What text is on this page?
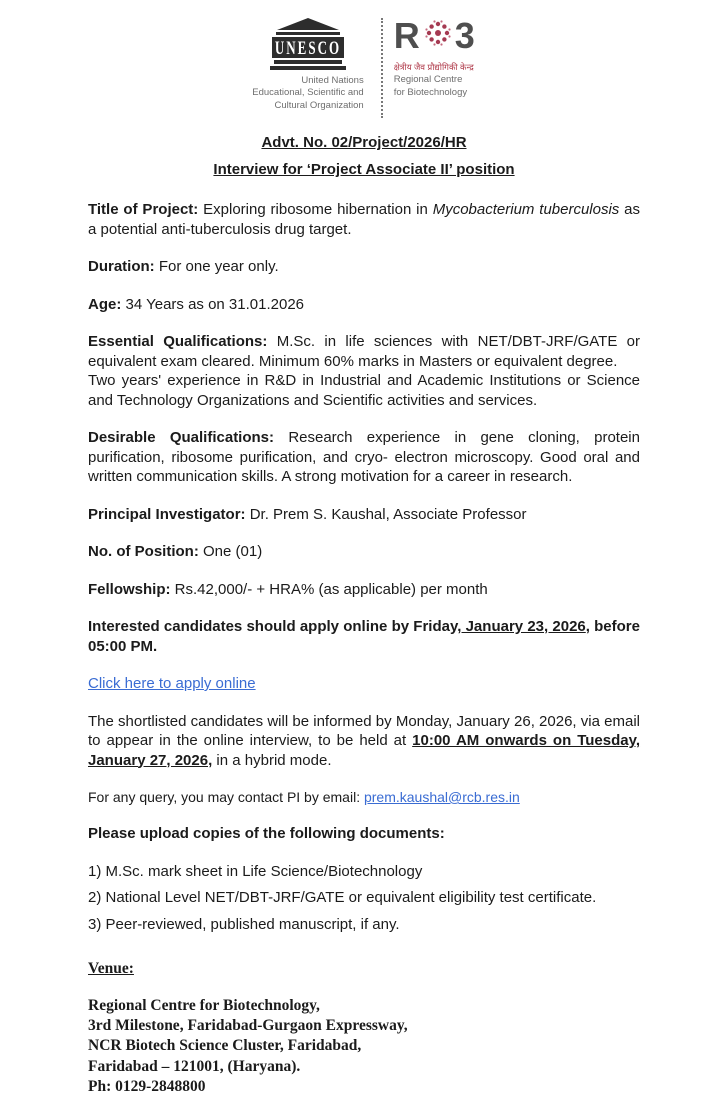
UNESCO
United Nations
Educational, Scientific and
Cultural Organization
R 3
क्षेत्रीय जैव प्रौद्योगिकी केन्द्र
Regional Centre
for Biotechnology
Advt. No. 02/Project/2026/HR
Interview for ‘Project Associate II’ position

Title of Project: Exploring ribosome hibernation in Mycobacterium tuberculosis as a potential anti-tuberculosis drug target.

Duration: For one year only.

Age: 34 Years as on 31.01.2026

Essential Qualifications: M.Sc. in life sciences with NET/DBT-JRF/GATE or equivalent exam cleared. Minimum 60% marks in Masters or equivalent degree.
Two years' experience in R&D in Industrial and Academic Institutions or Science and Technology Organizations and Scientific activities and services.

Desirable Qualifications: Research experience in gene cloning, protein purification, ribosome purification, and cryo- electron microscopy. Good oral and written communication skills. A strong motivation for a career in research.

Principal Investigator: Dr. Prem S. Kaushal, Associate Professor

No. of Position: One (01)

Fellowship: Rs.42,000/- + HRA% (as applicable) per month

Interested candidates should apply online by Friday, January 23, 2026, before 05:00 PM.

Click here to apply online

The shortlisted candidates will be informed by Monday, January 26, 2026, via email to appear in the online interview, to be held at 10:00 AM onwards on Tuesday, January 27, 2026, in a hybrid mode.

For any query, you may contact PI by email: prem.kaushal@rcb.res.in

Please upload copies of the following documents:

1) M.Sc. mark sheet in Life Science/Biotechnology
2) National Level NET/DBT-JRF/GATE or equivalent eligibility test certificate.
3) Peer-reviewed, published manuscript, if any.
Venue:
Regional Centre for Biotechnology,
3rd Milestone, Faridabad-Gurgaon Expressway,
NCR Biotech Science Cluster, Faridabad,
Faridabad – 121001, (Haryana).
Ph: 0129-2848800
